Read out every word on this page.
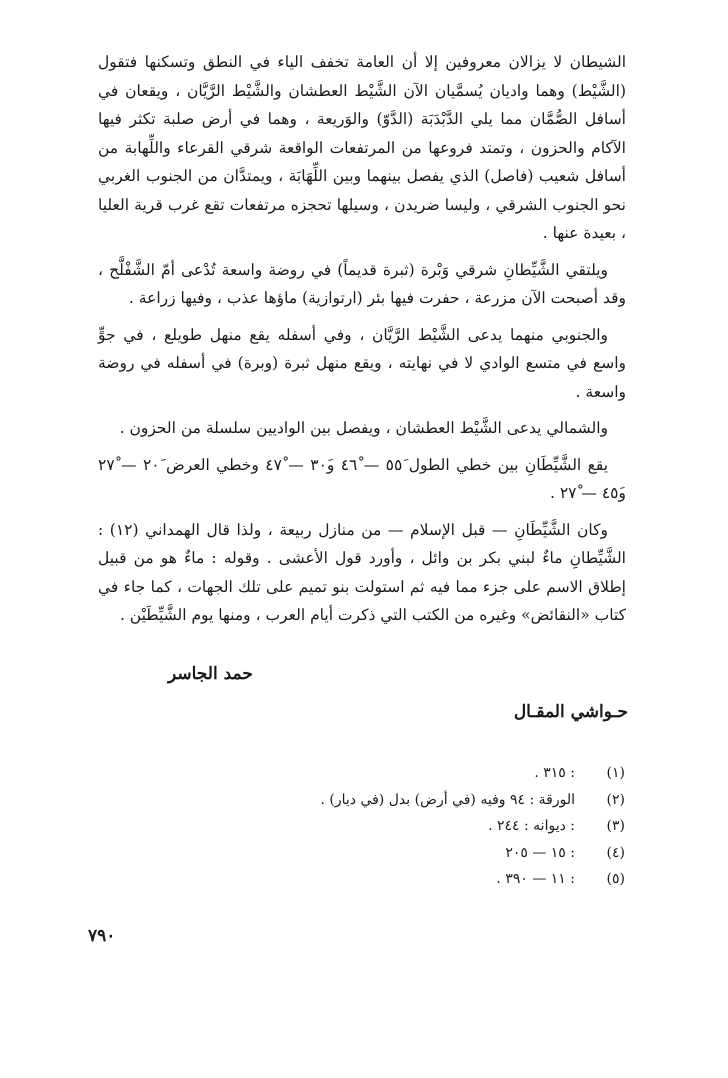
الشيطان لا يزالان معروفين إلا أن العامة تخفف الياء في النطق وتسكنها فتقول (الشَّيْط) وهما واديان يُسمَّيان الآن الشَّيْط العطشان والشَّيْط الرَّيَّان ، ويقعان في أسافل الصُّمَّان مما يلي الدَّبْدَبَة (الدَّوّ) والوَريعة ، وهما في أرض صلبة تكثر فيها الآكام والحزون ، وتمتد فروعها من المرتفعات الواقعة شرقي القرعاء واللِّهابة من أسافل شعيب (فاصل) الذي يفصل بينهما وبين اللِّهَابَة ، ويمتدَّان من الجنوب الغربي نحو الجنوب الشرقي ، وليسا ضريدن ، وسيلها تحجزه مرتفعات تقع غرب قرية العليا ، بعيدة عنها .

ويلتقي الشَّيِّطانِ شرقي وَبْرة (ثبرة قديماً) في روضة واسعة تُدْعى أمّ الشَّفْلَّح ، وقد أصبحت الآن مزرعة ، حفرت فيها بئر (ارتوازية) ماؤها عذب ، وفيها زراعة .

والجنوبي منهما يدعى الشَّيْط الرَّيَّان ، وفي أسفله يقع منهل طويلع ، في جوٍّ واسع في متسع الوادي لا في نهايته ، ويقع منهل ثبرة (وبرة) في أسفله في روضة واسعة .

والشمالي يدعى الشَّيْط العطشان ، ويفصل بين الواديين سلسلة من الحزون .

يقع الشَّيِّطَانِ بين خطي الطول ٥٥َ — ٤٦ْ و٣٠َ — ٤٧ْ وخطي العرض ٢٠َ — ٢٧ْ و٤٥َ — ٢٧ْ .

وكان الشَّيِّطَانِ — قبل الإسلام — من منازل ربيعة ، ولذا قال الهمداني (١٢) : الشَّيِّطانِ ماءٌ لبني بكر بن وائل ، وأورد قول الأعشى . وقوله : ماءٌ هو من قبيل إطلاق الاسم على جزء مما فيه ثم استولت بنو تميم على تلك الجهات ، كما جاء في كتاب «النقائض» وغيره من الكتب التي ذكرت أيام العرب ، ومنها يوم الشَّيِّطَيْن .

حمد الجاسر
حـواشي المقـال
(١)
: ٣١٥ .
(٢)
الورقة : ٩٤ وفيه (في أرض) بدل (في ديار) .
(٣)
: ديوانه : ٢٤٤ .
(٤)
: ١٥ — ٢٠٥
(٥)
: ١١ — ٣٩٠ .
٧٩٠
